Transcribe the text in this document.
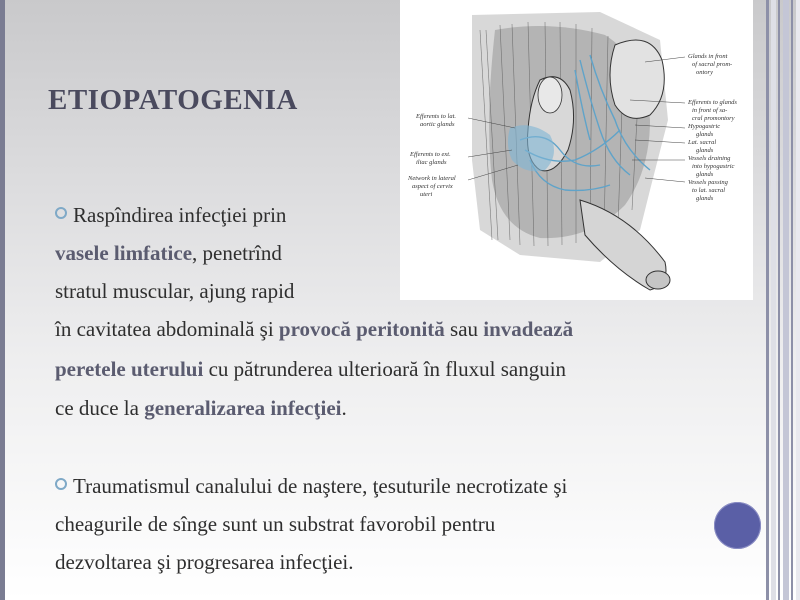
ETIOPATOGENIA
Glands in front
of sacral prom-
ontory
Efferents to glands
in front of sa-
cral promontory
Hypogastric
glands
Lat. sacral
glands
Vessels draining
into hypogastric
glands
Vessels passing
to lat. sacral
glands
Efferents to lat.
aortic glands
Efferents to ext.
iliac glands
Network in lateral
aspect of cervix
uteri
Raspîndirea infecţiei prin
vasele limfatice, penetrînd
stratul muscular, ajung rapid
în cavitatea abdominală şi provocă peritonită sau invadează
peretele uterului cu pătrunderea ulterioară în fluxul sanguin
ce duce la generalizarea infecţiei.
Traumatismul canalului de naştere, ţesuturile necrotizate şi
cheagurile de sînge sunt un substrat favorobil pentru
dezvoltarea şi progresarea infecţiei.
